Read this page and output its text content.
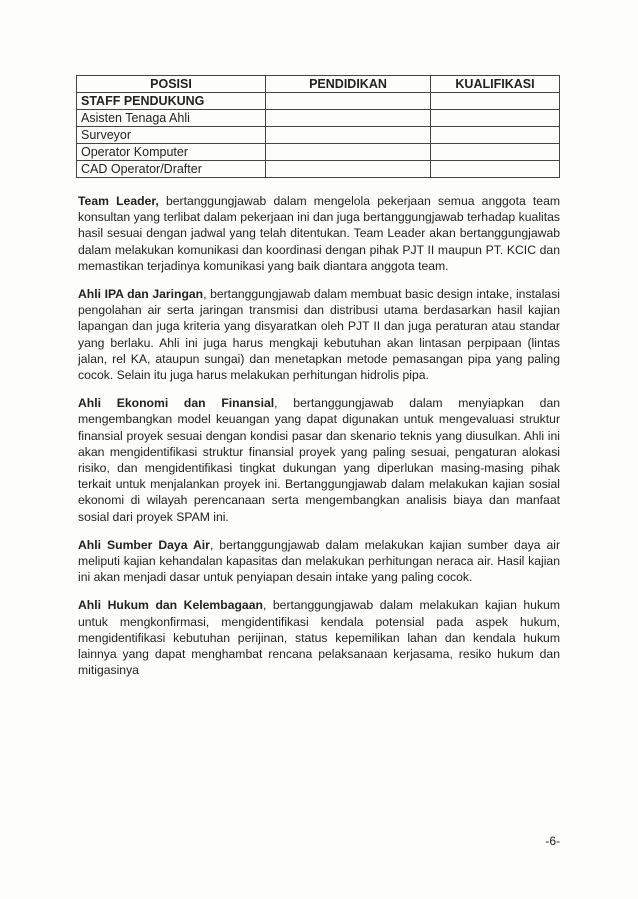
POSISI	PENDIDIKAN	KUALIFIKASI
STAFF PENDUKUNG		
Asisten Tenaga Ahli		
Surveyor		
Operator Komputer		
CAD Operator/Drafter		

Team Leader, bertanggungjawab dalam mengelola pekerjaan semua anggota team konsultan yang terlibat dalam pekerjaan ini dan juga bertanggungjawab terhadap kualitas hasil sesuai dengan jadwal yang telah ditentukan. Team Leader akan bertanggungjawab dalam melakukan komunikasi dan koordinasi dengan pihak PJT II maupun PT. KCIC dan memastikan terjadinya komunikasi yang baik diantara anggota team.

Ahli IPA dan Jaringan, bertanggungjawab dalam membuat basic design intake, instalasi pengolahan air serta jaringan transmisi dan distribusi utama berdasarkan hasil kajian lapangan dan juga kriteria yang disyaratkan oleh PJT II dan juga peraturan atau standar yang berlaku. Ahli ini juga harus mengkaji kebutuhan akan lintasan perpipaan (lintas jalan, rel KA, ataupun sungai) dan menetapkan metode pemasangan pipa yang paling cocok. Selain itu juga harus melakukan perhitungan hidrolis pipa.

Ahli Ekonomi dan Finansial, bertanggungjawab dalam menyiapkan dan mengembangkan model keuangan yang dapat digunakan untuk mengevaluasi struktur finansial proyek sesuai dengan kondisi pasar dan skenario teknis yang diusulkan. Ahli ini akan mengidentifikasi struktur finansial proyek yang paling sesuai, pengaturan alokasi risiko, dan mengidentifikasi tingkat dukungan yang diperlukan masing-masing pihak terkait untuk menjalankan proyek ini. Bertanggungjawab dalam melakukan kajian sosial ekonomi di wilayah perencanaan serta mengembangkan analisis biaya dan manfaat sosial dari proyek SPAM ini.

Ahli Sumber Daya Air, bertanggungjawab dalam melakukan kajian sumber daya air meliputi kajian kehandalan kapasitas dan melakukan perhitungan neraca air. Hasil kajian ini akan menjadi dasar untuk penyiapan desain intake yang paling cocok.

Ahli Hukum dan Kelembagaan, bertanggungjawab dalam melakukan kajian hukum untuk mengkonfirmasi, mengidentifikasi kendala potensial pada aspek hukum, mengidentifikasi kebutuhan perijinan, status kepemilikan lahan dan kendala hukum lainnya yang dapat menghambat rencana pelaksanaan kerjasama, resiko hukum dan mitigasinya

-6-
